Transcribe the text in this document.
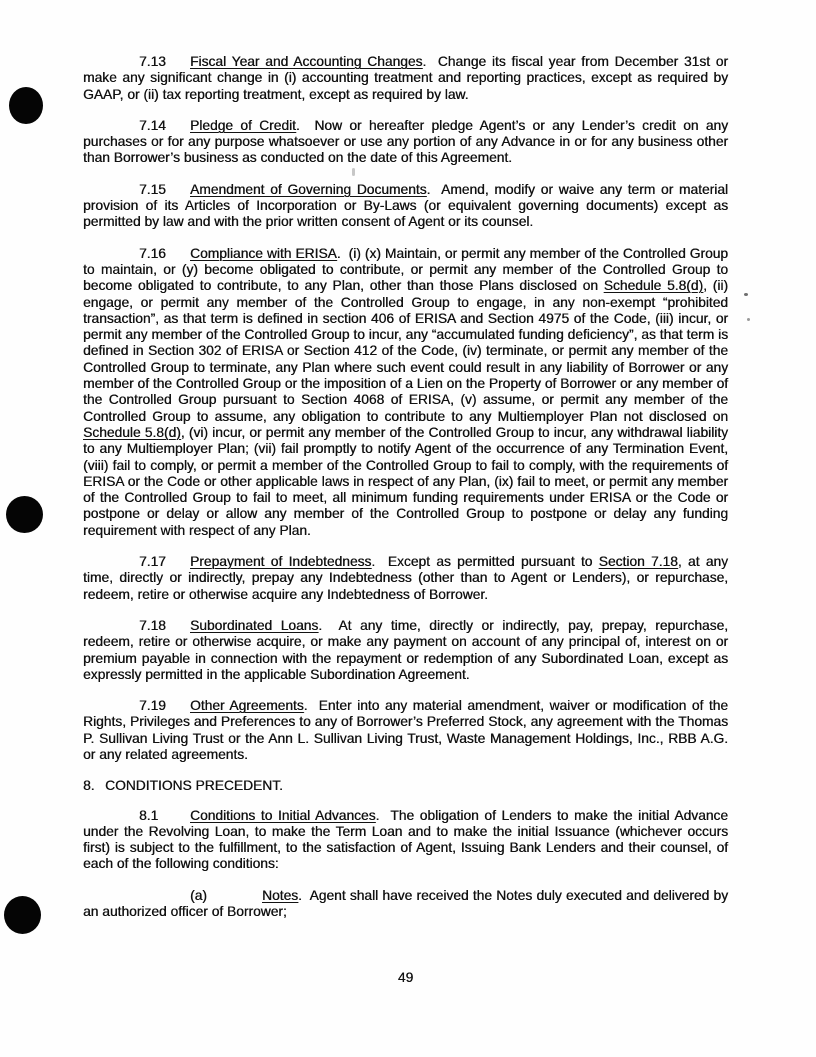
7.13 Fiscal Year and Accounting Changes.  Change its fiscal year from December 31st or make any significant change in (i) accounting treatment and reporting practices, except as required by GAAP, or (ii) tax reporting treatment, except as required by law.

7.14 Pledge of Credit.  Now or hereafter pledge Agent’s or any Lender’s credit on any purchases or for any purpose whatsoever or use any portion of any Advance in or for any business other than Borrower’s business as conducted on the date of this Agreement.

7.15 Amendment of Governing Documents.  Amend, modify or waive any term or material provision of its Articles of Incorporation or By-Laws (or equivalent governing documents) except as permitted by law and with the prior written consent of Agent or its counsel.

7.16 Compliance with ERISA.  (i) (x) Maintain, or permit any member of the Controlled Group to maintain, or (y) become obligated to contribute, or permit any member of the Controlled Group to become obligated to contribute, to any Plan, other than those Plans disclosed on Schedule 5.8(d), (ii) engage, or permit any member of the Controlled Group to engage, in any non-exempt “prohibited transaction”, as that term is defined in section 406 of ERISA and Section 4975 of the Code, (iii) incur, or permit any member of the Controlled Group to incur, any “accumulated funding deficiency”, as that term is defined in Section 302 of ERISA or Section 412 of the Code, (iv) terminate, or permit any member of the Controlled Group to terminate, any Plan where such event could result in any liability of Borrower or any member of the Controlled Group or the imposition of a Lien on the Property of Borrower or any member of the Controlled Group pursuant to Section 4068 of ERISA, (v) assume, or permit any member of the Controlled Group to assume, any obligation to contribute to any Multiemployer Plan not disclosed on Schedule 5.8(d), (vi) incur, or permit any member of the Controlled Group to incur, any withdrawal liability to any Multiemployer Plan; (vii) fail promptly to notify Agent of the occurrence of any Termination Event, (viii) fail to comply, or permit a member of the Controlled Group to fail to comply, with the requirements of ERISA or the Code or other applicable laws in respect of any Plan, (ix) fail to meet, or permit any member of the Controlled Group to fail to meet, all minimum funding requirements under ERISA or the Code or postpone or delay or allow any member of the Controlled Group to postpone or delay any funding requirement with respect of any Plan.

7.17 Prepayment of Indebtedness.  Except as permitted pursuant to Section 7.18, at any time, directly or indirectly, prepay any Indebtedness (other than to Agent or Lenders), or repurchase, redeem, retire or otherwise acquire any Indebtedness of Borrower.

7.18 Subordinated Loans.  At any time, directly or indirectly, pay, prepay, repurchase, redeem, retire or otherwise acquire, or make any payment on account of any principal of, interest on or premium payable in connection with the repayment or redemption of any Subordinated Loan, except as expressly permitted in the applicable Subordination Agreement.

7.19 Other Agreements.  Enter into any material amendment, waiver or modification of the Rights, Privileges and Preferences to any of Borrower’s Preferred Stock, any agreement with the Thomas P. Sullivan Living Trust or the Ann L. Sullivan Living Trust, Waste Management Holdings, Inc., RBB A.G. or any related agreements.

8. CONDITIONS PRECEDENT.

8.1 Conditions to Initial Advances.  The obligation of Lenders to make the initial Advance under the Revolving Loan, to make the Term Loan and to make the initial Issuance (whichever occurs first) is subject to the fulfillment, to the satisfaction of Agent, Issuing Bank Lenders and their counsel, of each of the following conditions:

(a)	Notes.  Agent shall have received the Notes duly executed and delivered by an authorized officer of Borrower;

49
